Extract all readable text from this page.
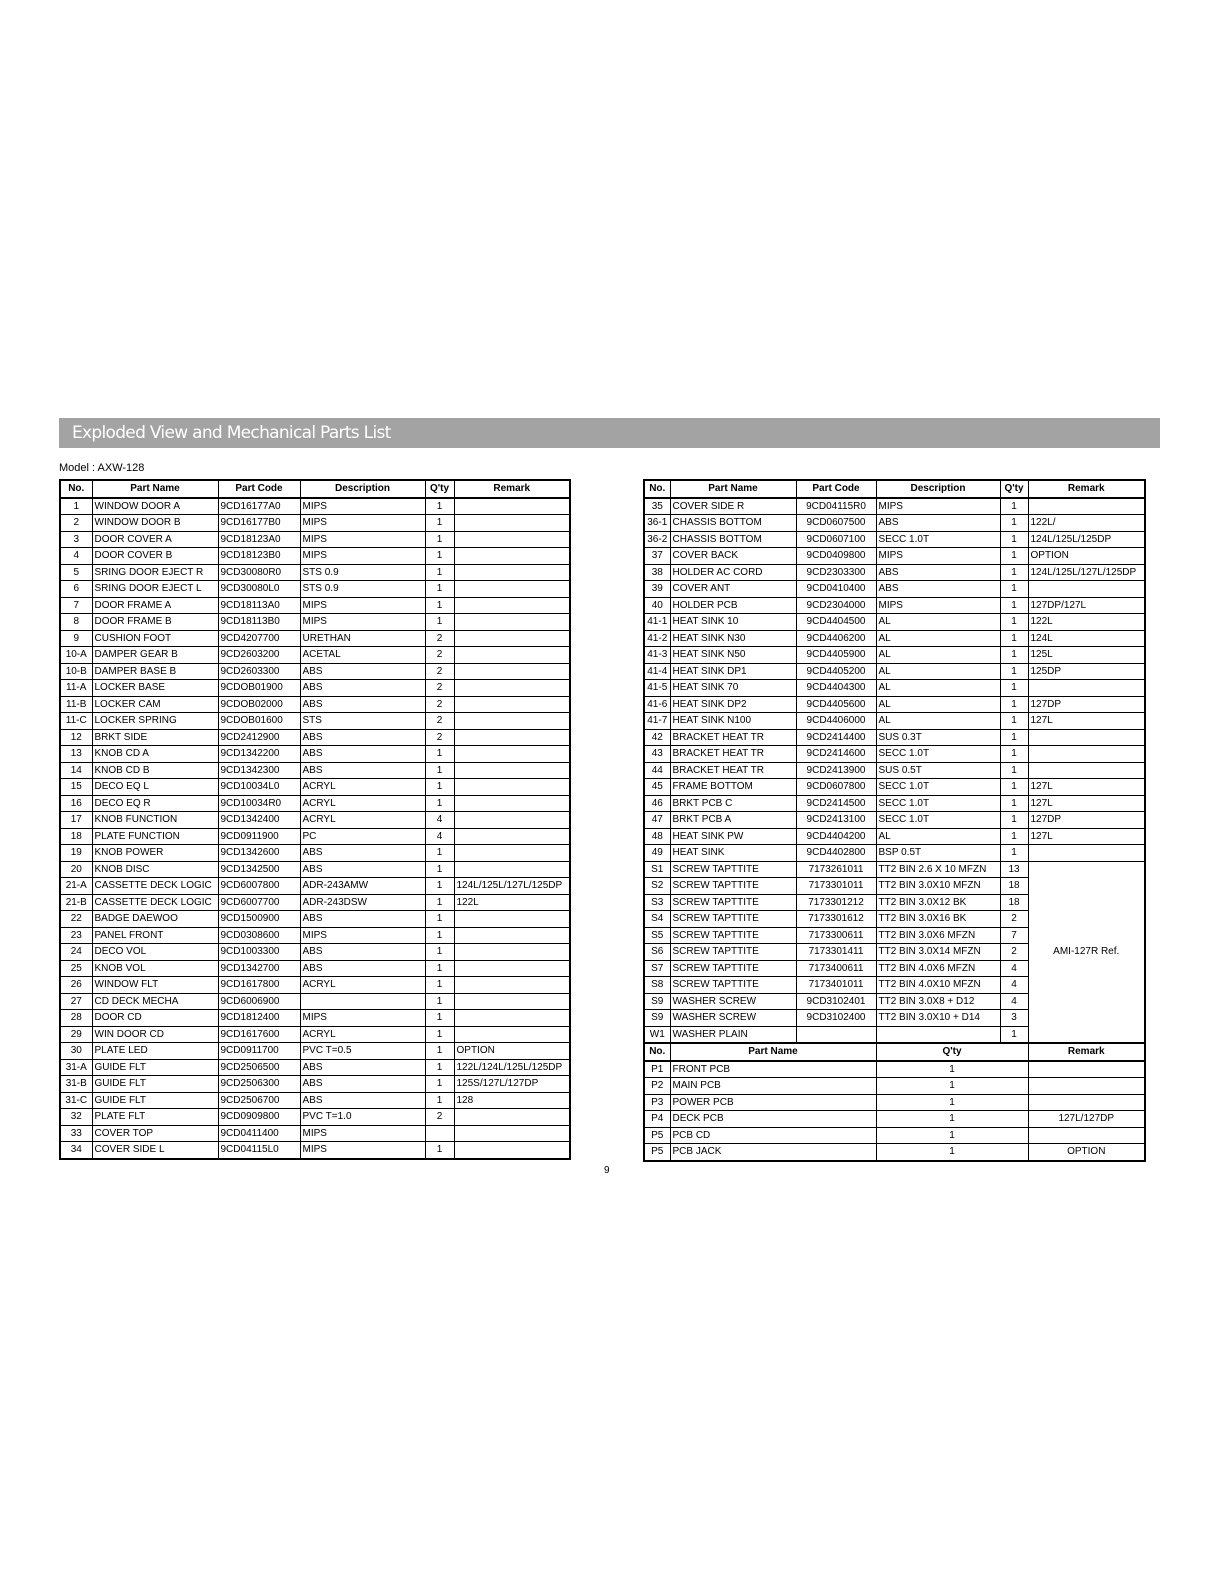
Exploded View and Mechanical Parts List
Model : AXW-128
No.	Part Name	Part Code	Description	Q'ty	Remark
1	WINDOW DOOR A	9CD16177A0	MIPS	1	
2	WINDOW DOOR B	9CD16177B0	MIPS	1	
3	DOOR COVER A	9CD18123A0	MIPS	1	
4	DOOR COVER B	9CD18123B0	MIPS	1	
5	SRING DOOR EJECT R	9CD30080R0	STS 0.9	1	
6	SRING DOOR EJECT L	9CD30080L0	STS 0.9	1	
7	DOOR FRAME A	9CD18113A0	MIPS	1	
8	DOOR FRAME B	9CD18113B0	MIPS	1	
9	CUSHION FOOT	9CD4207700	URETHAN	2	
10-A	DAMPER GEAR B	9CD2603200	ACETAL	2	
10-B	DAMPER BASE B	9CD2603300	ABS	2	
11-A	LOCKER BASE	9CDOB01900	ABS	2	
11-B	LOCKER CAM	9CDOB02000	ABS	2	
11-C	LOCKER SPRING	9CDOB01600	STS	2	
12	BRKT SIDE	9CD2412900	ABS	2	
13	KNOB CD A	9CD1342200	ABS	1	
14	KNOB CD B	9CD1342300	ABS	1	
15	DECO EQ L	9CD10034L0	ACRYL	1	
16	DECO EQ R	9CD10034R0	ACRYL	1	
17	KNOB FUNCTION	9CD1342400	ACRYL	4	
18	PLATE FUNCTION	9CD0911900	PC	4	
19	KNOB POWER	9CD1342600	ABS	1	
20	KNOB DISC	9CD1342500	ABS	1	
21-A	CASSETTE DECK LOGIC	9CD6007800	ADR-243AMW	1	124L/125L/127L/125DP
21-B	CASSETTE DECK LOGIC	9CD6007700	ADR-243DSW	1	122L
22	BADGE DAEWOO	9CD1500900	ABS	1	
23	PANEL FRONT	9CD0308600	MIPS	1	
24	DECO VOL	9CD1003300	ABS	1	
25	KNOB VOL	9CD1342700	ABS	1	
26	WINDOW FLT	9CD1617800	ACRYL	1	
27	CD DECK MECHA	9CD6006900		1	
28	DOOR CD	9CD1812400	MIPS	1	
29	WIN DOOR CD	9CD1617600	ACRYL	1	
30	PLATE LED	9CD0911700	PVC T=0.5	1	OPTION
31-A	GUIDE FLT	9CD2506500	ABS	1	122L/124L/125L/125DP
31-B	GUIDE FLT	9CD2506300	ABS	1	125S/127L/127DP
31-C	GUIDE FLT	9CD2506700	ABS	1	128
32	PLATE FLT	9CD0909800	PVC T=1.0	2	
33	COVER TOP	9CD0411400	MIPS		
34	COVER SIDE L	9CD04115L0	MIPS	1	
No.	Part Name	Part Code	Description	Q'ty	Remark
35	COVER SIDE R	9CD04115R0	MIPS	1	
36-1	CHASSIS BOTTOM	9CD0607500	ABS	1	122L/
36-2	CHASSIS BOTTOM	9CD0607100	SECC 1.0T	1	124L/125L/125DP
37	COVER BACK	9CD0409800	MIPS	1	OPTION
38	HOLDER AC CORD	9CD2303300	ABS	1	124L/125L/127L/125DP
39	COVER ANT	9CD0410400	ABS	1	
40	HOLDER PCB	9CD2304000	MIPS	1	127DP/127L
41-1	HEAT SINK 10	9CD4404500	AL	1	122L
41-2	HEAT SINK N30	9CD4406200	AL	1	124L
41-3	HEAT SINK N50	9CD4405900	AL	1	125L
41-4	HEAT SINK DP1	9CD4405200	AL	1	125DP
41-5	HEAT SINK 70	9CD4404300	AL	1	
41-6	HEAT SINK DP2	9CD4405600	AL	1	127DP
41-7	HEAT SINK N100	9CD4406000	AL	1	127L
42	BRACKET HEAT TR	9CD2414400	SUS 0.3T	1	
43	BRACKET HEAT TR	9CD2414600	SECC 1.0T	1	
44	BRACKET HEAT TR	9CD2413900	SUS 0.5T	1	
45	FRAME BOTTOM	9CD0607800	SECC 1.0T	1	127L
46	BRKT PCB C	9CD2414500	SECC 1.0T	1	127L
47	BRKT PCB A	9CD2413100	SECC 1.0T	1	127DP
48	HEAT SINK PW	9CD4404200	AL	1	127L
49	HEAT SINK	9CD4402800	BSP 0.5T	1	
S1	SCREW TAPTTITE	7173261011	TT2 BIN 2.6 X 10 MFZN	13	AMI-127R Ref.
S2	SCREW TAPTTITE	7173301011	TT2 BIN 3.0X10 MFZN	18	
S3	SCREW TAPTTITE	7173301212	TT2 BIN 3.0X12 BK	18	
S4	SCREW TAPTTITE	7173301612	TT2 BIN 3.0X16 BK	2	
S5	SCREW TAPTTITE	7173300611	TT2 BIN 3.0X6 MFZN	7	
S6	SCREW TAPTTITE	7173301411	TT2 BIN 3.0X14 MFZN	2	
S7	SCREW TAPTTITE	7173400611	TT2 BIN 4.0X6 MFZN	4	
S8	SCREW TAPTTITE	7173401011	TT2 BIN 4.0X10 MFZN	4	
S9	WASHER SCREW	9CD3102401	TT2 BIN 3.0X8 + D12	4	
S9	WASHER SCREW	9CD3102400	TT2 BIN 3.0X10 + D14	3	
W1	WASHER PLAIN			1	
No.	Part Name		Q'ty		Remark
P1	FRONT PCB		1		
P2	MAIN PCB		1		
P3	POWER PCB		1		
P4	DECK PCB		1		127L/127DP
P5	PCB CD		1		
P5	PCB JACK		1		OPTION
9
